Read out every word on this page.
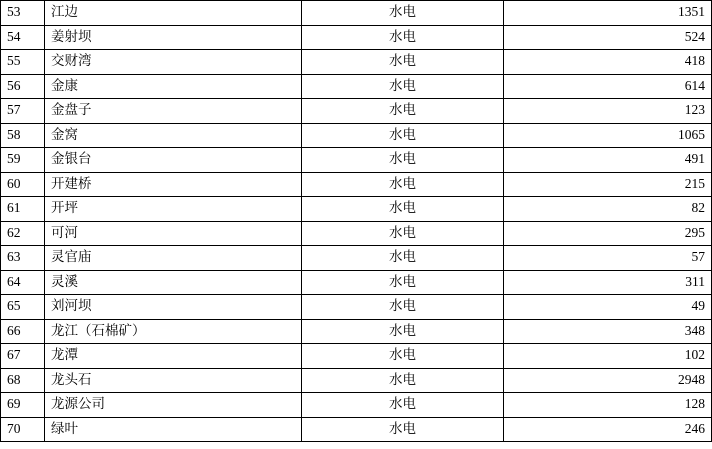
53	江边	水电	1351
54	姜射坝	水电	524
55	交财湾	水电	418
56	金康	水电	614
57	金盘子	水电	123
58	金窝	水电	1065
59	金银台	水电	491
60	开建桥	水电	215
61	开坪	水电	82
62	可河	水电	295
63	灵官庙	水电	57
64	灵溪	水电	311
65	刘河坝	水电	49
66	龙江（石棉矿）	水电	348
67	龙潭	水电	102
68	龙头石	水电	2948
69	龙源公司	水电	128
70	绿叶	水电	246
